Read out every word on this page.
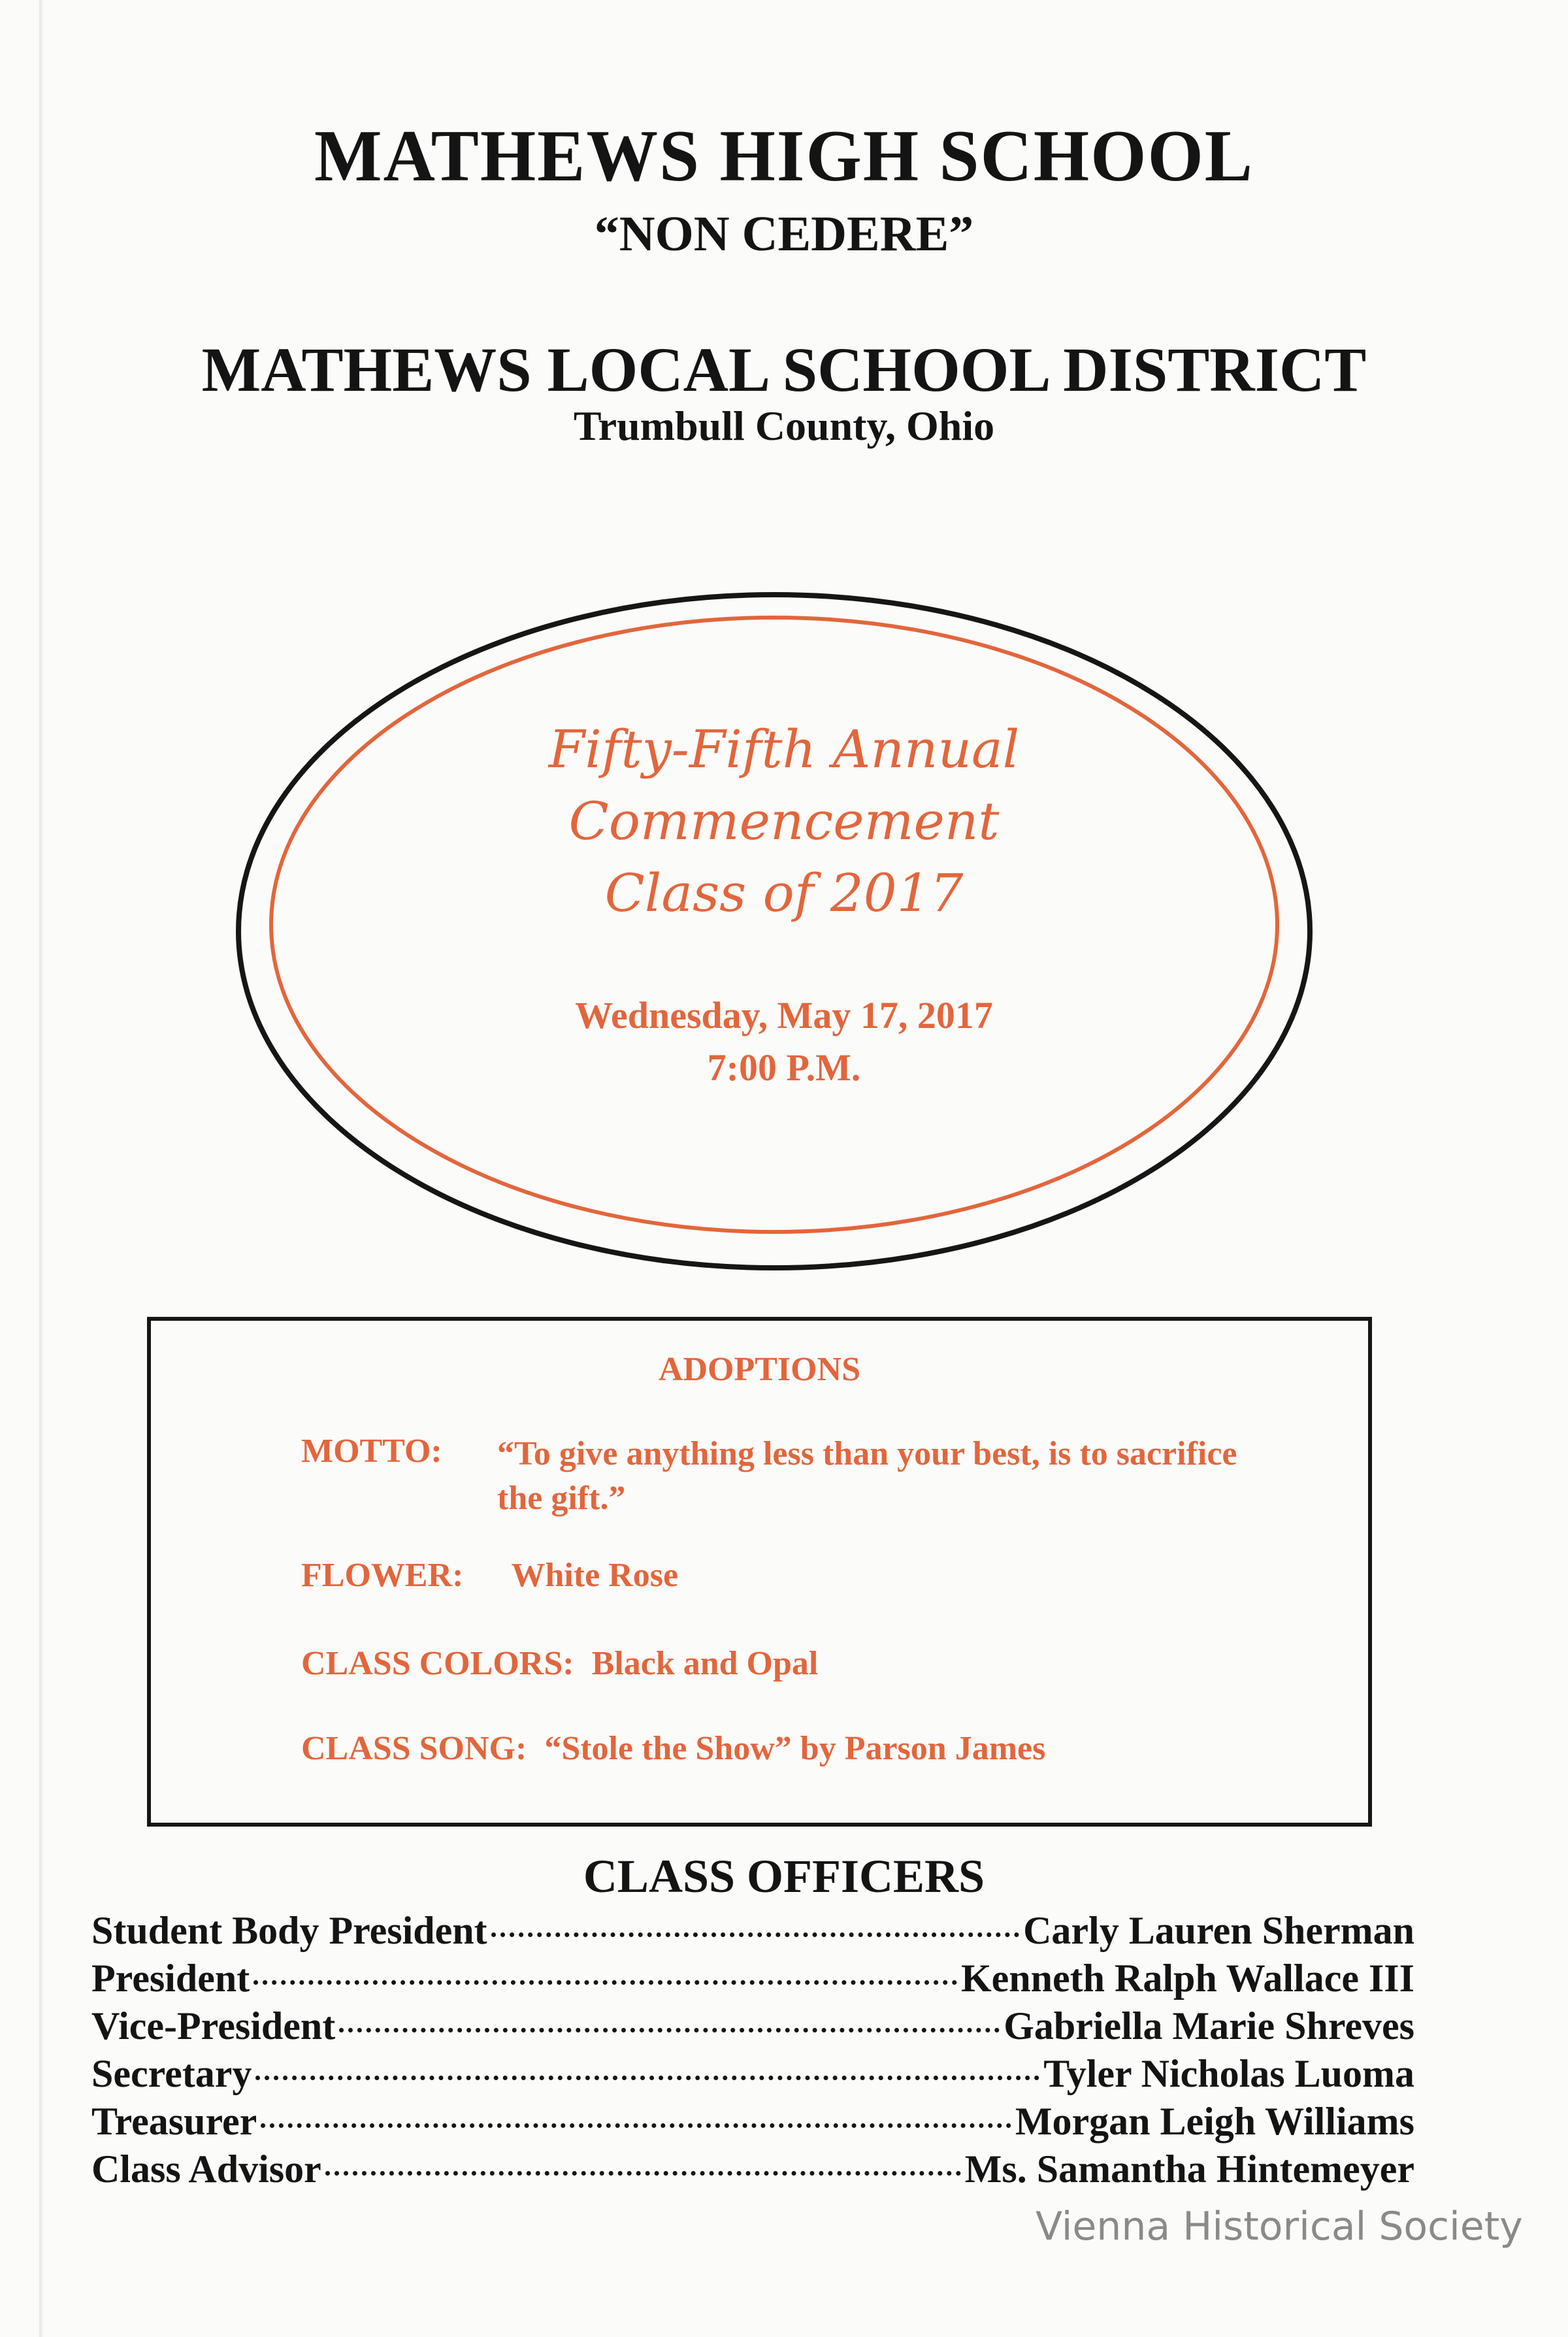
MATHEWS HIGH SCHOOL
“NON CEDERE”
MATHEWS LOCAL SCHOOL DISTRICT
Trumbull County, Ohio
Fifty-Fifth Annual
Commencement
Class of 2017
Wednesday, May 17, 2017
7:00 P.M.
ADOPTIONS
MOTTO: “To give anything less than your best, is to sacrifice the gift.”
FLOWER: White Rose
CLASS COLORS: Black and Opal
CLASS SONG: “Stole the Show” by Parson James
CLASS OFFICERS
Student Body President	Carly Lauren Sherman
President	Kenneth Ralph Wallace III
Vice-President	Gabriella Marie Shreves
Secretary	Tyler Nicholas Luoma
Treasurer	Morgan Leigh Williams
Class Advisor	Ms. Samantha Hintemeyer
Vienna Historical Society
